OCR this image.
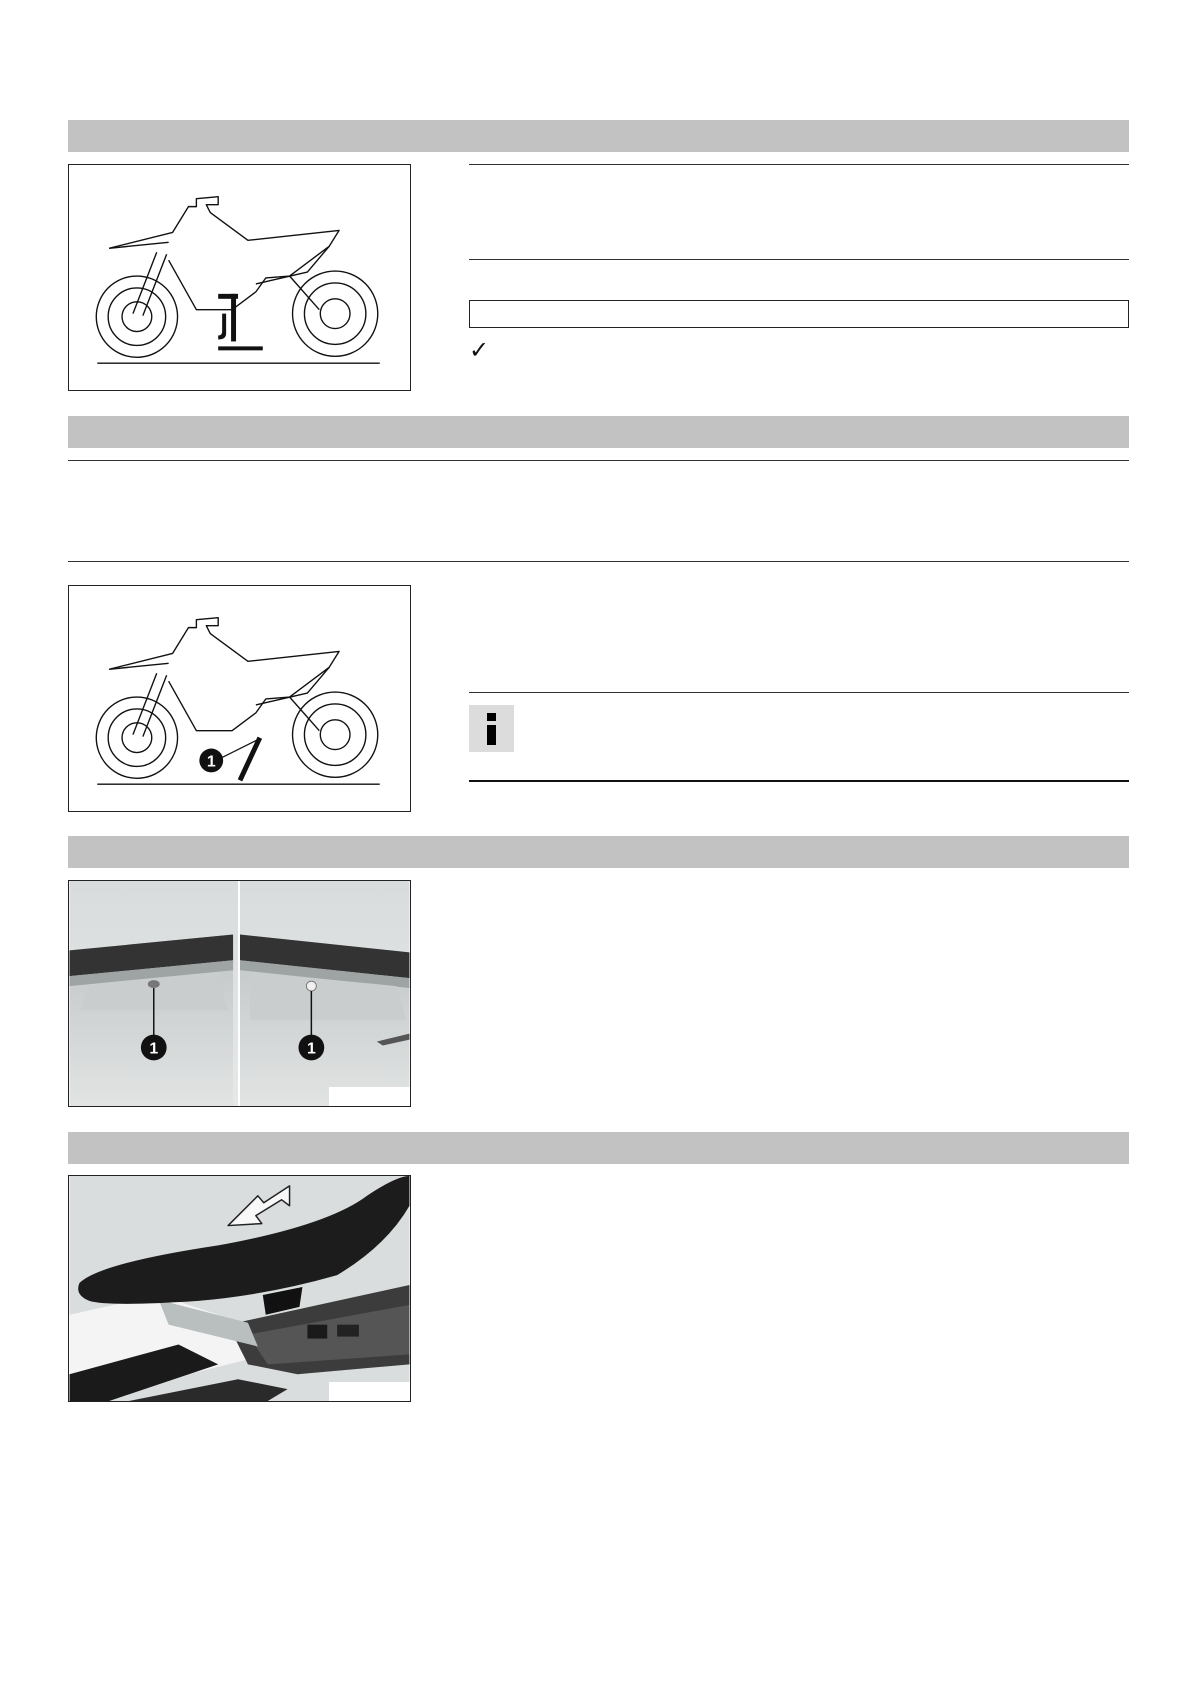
✓
1
1	1
